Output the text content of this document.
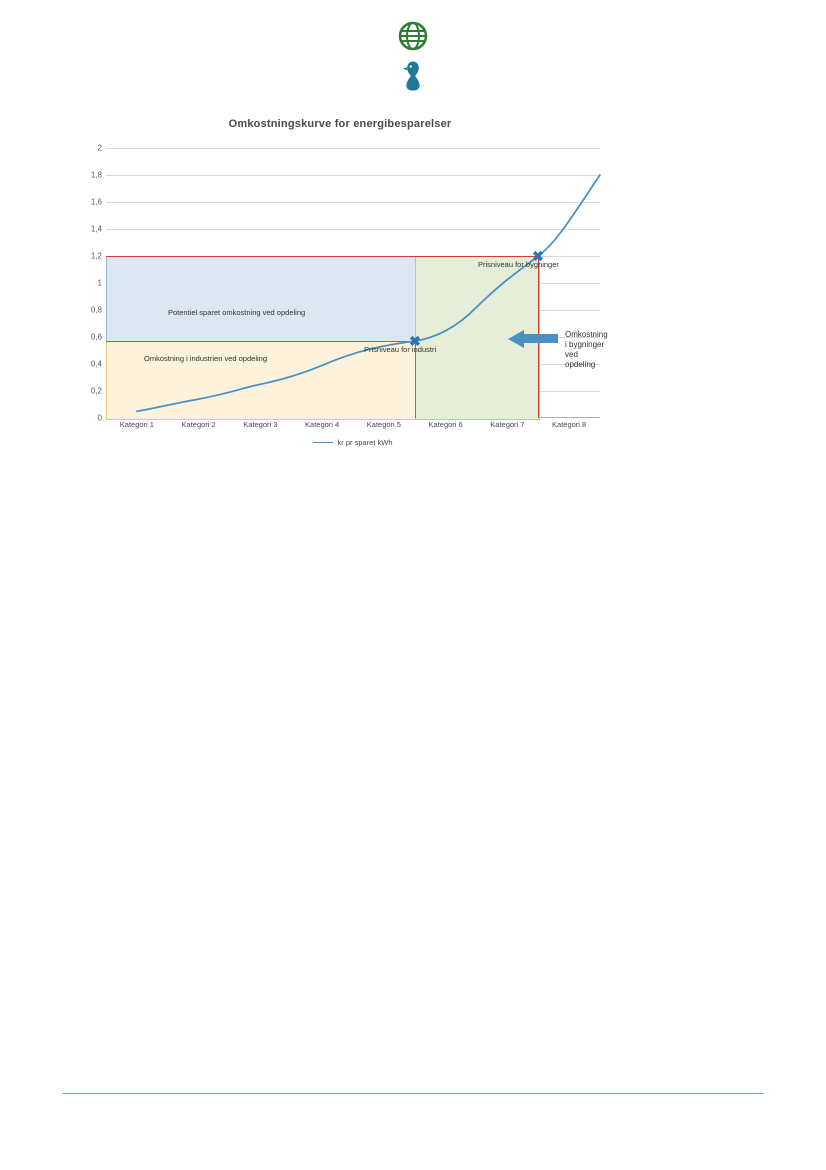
Omkostningskurve for energibesparelser
2
1,8
1,6
1,4
1,2
1
0,8
0,6
0,4
0,2
0
✖
✖
Prisniveau for bygninger
Prisniveau for industri
Potentiel sparet omkostning ved opdeling
Omkostning i industrien ved opdeling
Omkostning i bygninger
ved opdeling
Kategori 1	Kategori 2	Kategori 3	Kategori 4	Kategori 5	Kategori 6	Kategori 7	Kategori 8
kr pr sparet kWh
